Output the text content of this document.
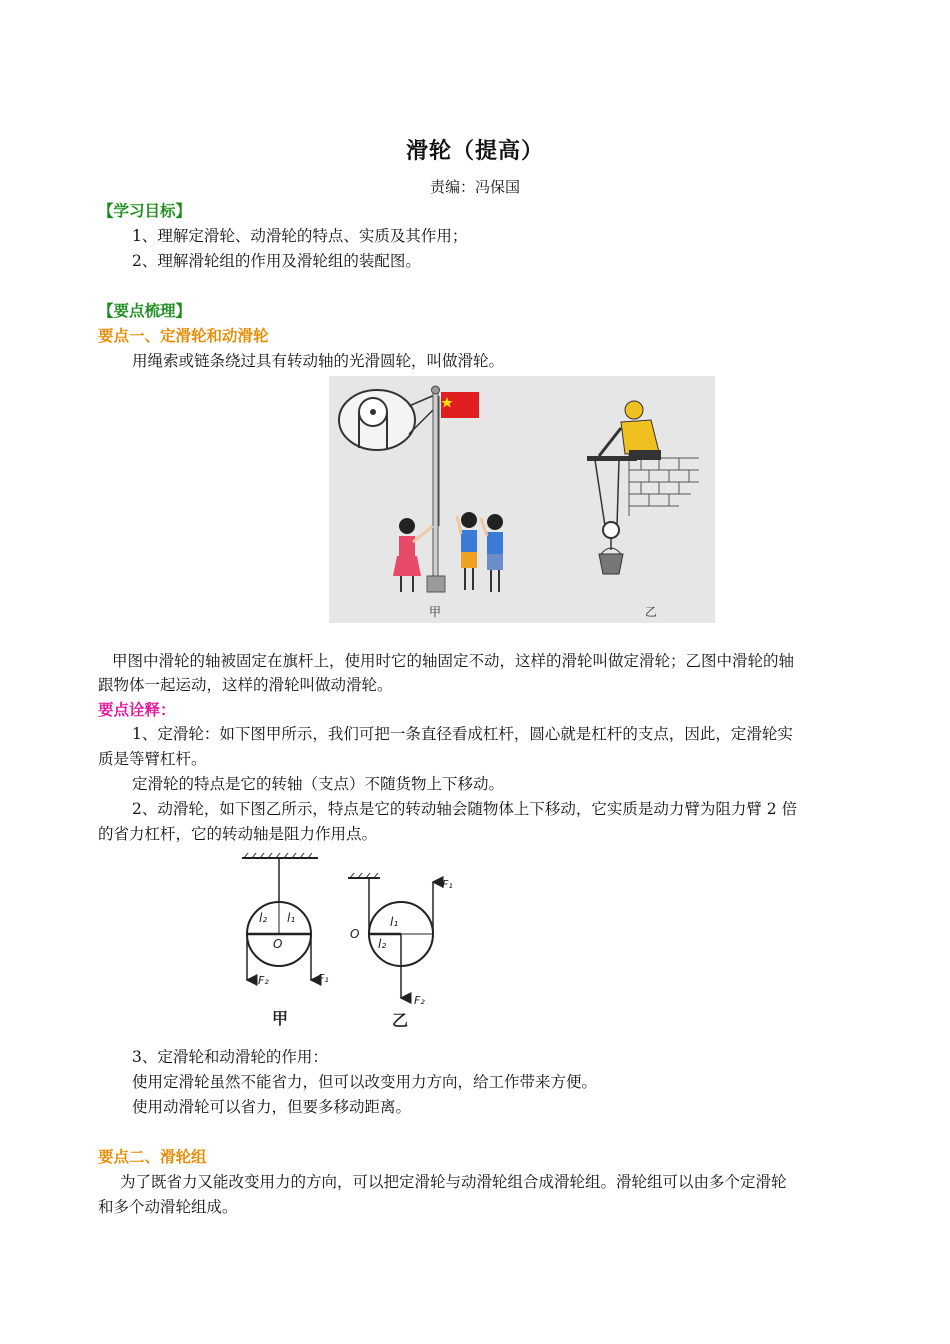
滑轮（提高）
责编：冯保国
【学习目标】
1、理解定滑轮、动滑轮的特点、实质及其作用；
2、理解滑轮组的作用及滑轮组的装配图。
【要点梳理】
要点一、定滑轮和动滑轮
用绳索或链条绕过具有转动轴的光滑圆轮，叫做滑轮。
甲	乙
甲图中滑轮的轴被固定在旗杆上，使用时它的轴固定不动，这样的滑轮叫做定滑轮；乙图中滑轮的轴
跟物体一起运动，这样的滑轮叫做动滑轮。
要点诠释：
1、定滑轮：如下图甲所示，我们可把一条直径看成杠杆，圆心就是杠杆的支点，因此，定滑轮实
质是等臂杠杆。
定滑轮的特点是它的转轴（支点）不随货物上下移动。
2、动滑轮，如下图乙所示，特点是它的转动轴会随物体上下移动，它实质是动力臂为阻力臂 2 倍
的省力杠杆，它的转动轴是阻力作用点。
l₂ l₁
O
F₂	F₁
甲
O
l₁
l₂
F₁
F₂
乙
3、定滑轮和动滑轮的作用：
使用定滑轮虽然不能省力，但可以改变用力方向，给工作带来方便。
使用动滑轮可以省力，但要多移动距离。
要点二、滑轮组
为了既省力又能改变用力的方向，可以把定滑轮与动滑轮组合成滑轮组。滑轮组可以由多个定滑轮
和多个动滑轮组成。
